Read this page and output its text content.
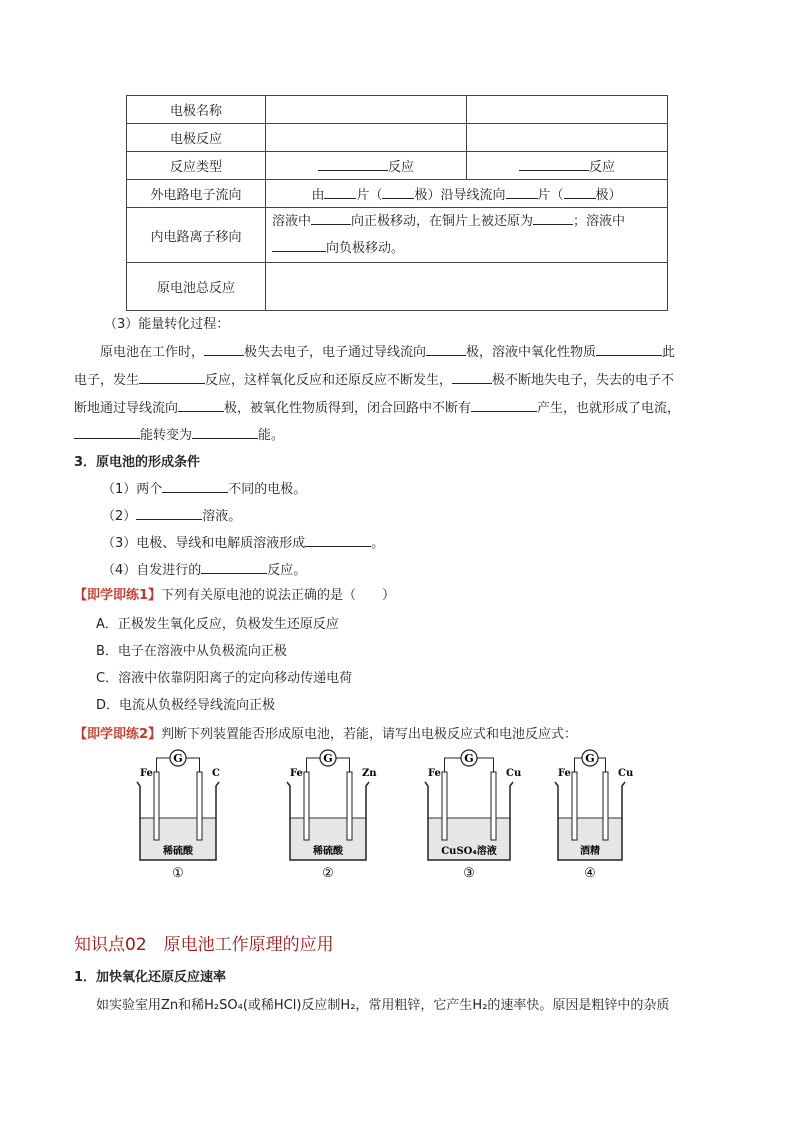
电极名称		
电极反应		
反应类型	反应	反应
外电路电子流向	由 片（ 极）沿导线流向 片（ 极）	
内电路离子移向	溶液中 向正极移动，在铜片上被还原为 ；溶液中
向负极移动。	
原电池总反应		
（3）能量转化过程：
原电池在工作时，	极失去电子，电子通过导线流向	极，溶液中氧化性物质	此
电子，发生	反应，这样氧化反应和还原反应不断发生，	极不断地失电子，失去的电子不
断地通过导线流向	极，被氧化性物质得到，闭合回路中不断有	产生，也就形成了电流，
能转变为	能。
3．原电池的形成条件
（1）两个	不同的电极。
（2）	溶液。
（3）电极、导线和电解质溶液形成	。
（4）自发进行的	反应。
【即学即练1】下列有关原电池的说法正确的是（　　）
A．正极发生氧化反应，负极发生还原反应
B．电子在溶液中从负极流向正极
C．溶液中依靠阴阳离子的定向移动传递电荷
D．电流从负极经导线流向正极
【即学即练2】判断下列装置能否形成原电池，若能，请写出电极反应式和电池反应式：
G
Fe	C
稀硫酸
①
G
Fe	Zn
稀硫酸
②
G
Fe	Cu
CuSO₄溶液
③
G
Fe	Cu
酒精
④
知识点02　原电池工作原理的应用
1．加快氧化还原反应速率
如实验室用Zn和稀H₂SO₄(或稀HCl)反应制H₂，常用粗锌，它产生H₂的速率快。原因是粗锌中的杂质
